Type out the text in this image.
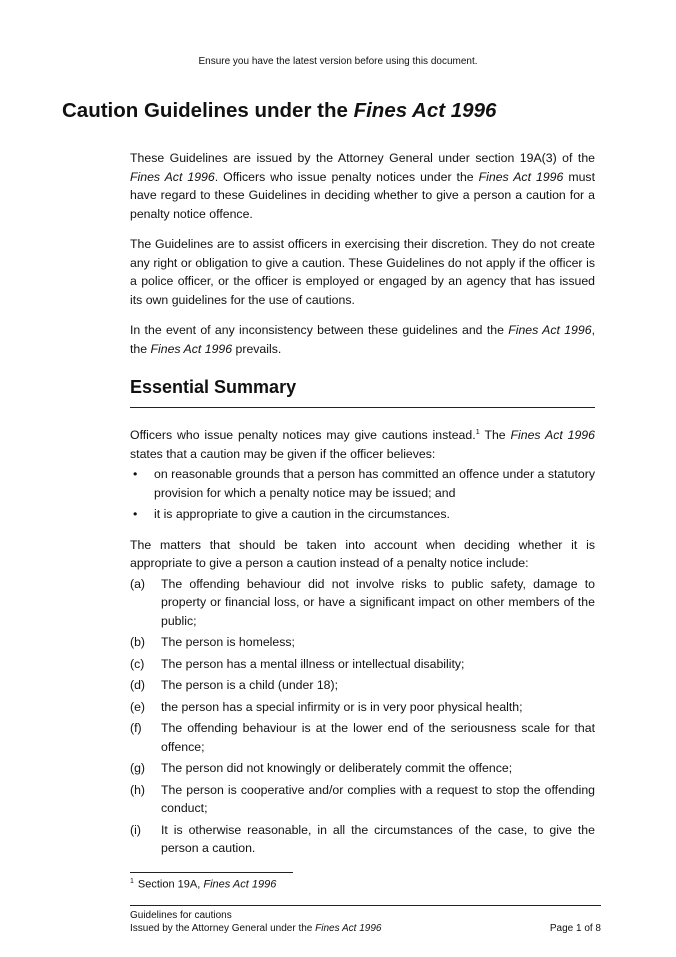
Ensure you have the latest version before using this document.
Caution Guidelines under the Fines Act 1996

These Guidelines are issued by the Attorney General under section 19A(3) of the Fines Act 1996. Officers who issue penalty notices under the Fines Act 1996 must have regard to these Guidelines in deciding whether to give a person a caution for a penalty notice offence.

The Guidelines are to assist officers in exercising their discretion. They do not create any right or obligation to give a caution. These Guidelines do not apply if the officer is a police officer, or the officer is employed or engaged by an agency that has issued its own guidelines for the use of cautions.

In the event of any inconsistency between these guidelines and the Fines Act 1996, the Fines Act 1996 prevails.

Essential Summary

Officers who issue penalty notices may give cautions instead.$^1$ The Fines Act 1996 states that a caution may be given if the officer believes:

• on reasonable grounds that a person has committed an offence under a statutory provision for which a penalty notice may be issued; and
• it is appropriate to give a caution in the circumstances.

The matters that should be taken into account when deciding whether it is appropriate to give a person a caution instead of a penalty notice include:

(a)	The offending behaviour did not involve risks to public safety, damage to property or financial loss, or have a significant impact on other members of the public;
(b)	The person is homeless;
(c)	The person has a mental illness or intellectual disability;
(d)	The person is a child (under 18);
(e)	the person has a special infirmity or is in very poor physical health;
(f)	The offending behaviour is at the lower end of the seriousness scale for that offence;
(g)	The person did not knowingly or deliberately commit the offence;
(h)	The person is cooperative and/or complies with a request to stop the offending conduct;
(i)	It is otherwise reasonable, in all the circumstances of the case, to give the person a caution.
$^1$ Section 19A, Fines Act 1996
Guidelines for cautions
Issued by the Attorney General under the Fines Act 1996	Page 1 of 8
